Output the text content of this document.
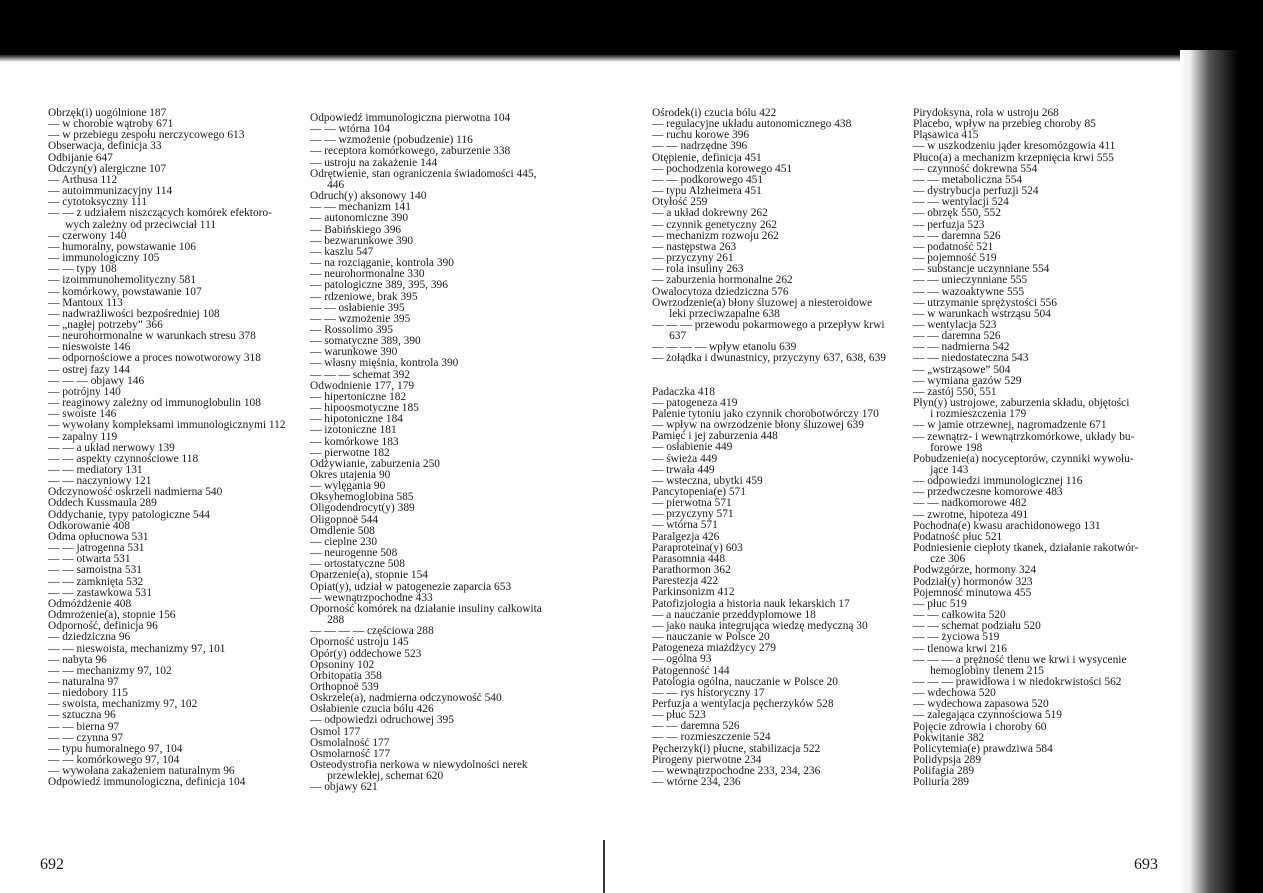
Obrzęk(i) uogólnione 187
— w chorobie wątroby 671
— w przebiegu zespołu nerczycowego 613
Obserwacja, definicja 33
Odbijanie 647
Odczyn(y) alergiczne 107
— Arthusa 112
— autoimmunizacyjny 114
— cytotoksyczny 111
— — z udziałem niszczących komórek efektoro-
wych zależny od przeciwciał 111
— czerwony 140
— humoralny, powstawanie 106
— immunologiczny 105
— — typy 108
— izoimmunohemolityczny 581
— komórkowy, powstawanie 107
— Mantoux 113
— nadwrażliwości bezpośredniej 108
— „nagłej potrzeby” 366
— neurohormonalne w warunkach stresu 378
— nieswoiste 146
— odpornościowe a proces nowotworowy 318
— ostrej fazy 144
— — — objawy 146
— potrójny 140
— reaginowy zależny od immunoglobulin 108
— swoiste 146
— wywołany kompleksami immunologicznymi 112
— zapalny 119
— — a układ nerwowy 139
— — aspekty czynnościowe 118
— — mediatory 131
— — naczyniowy 121
Odczynowość oskrzeli nadmierna 540
Oddech Kussmaula 289
Oddychanie, typy patologiczne 544
Odkorowanie 408
Odma opłucnowa 531
— — jatrogenna 531
— — otwarta 531
— — samoistna 531
— — zamknięta 532
— — zastawkowa 531
Odmóżdżenie 408
Odmrożenie(a), stopnie 156
Odporność, definicja 96
— dziedziczna 96
— — nieswoista, mechanizmy 97, 101
— nabyta 96
— — mechanizmy 97, 102
— naturalna 97
— niedobory 115
— swoista, mechanizmy 97, 102
— sztuczna 96
— — bierna 97
— — czynna 97
— typu humoralnego 97, 104
— — komórkowego 97, 104
— wywołana zakażeniem naturalnym 96
Odpowiedź immunologiczna, definicja 104
Odpowiedź immunologiczna pierwotna 104
— — wtórna 104
— — wzmożenie (pobudzenie) 116
— receptora komórkowego, zaburzenie 338
— ustroju na zakażenie 144
Odrętwienie, stan ograniczenia świadomości 445,
446
Odruch(y) aksonowy 140
— — mechanizm 141
— autonomiczne 390
— Babińskiego 396
— bezwarunkowe 390
— kaszlu 547
— na rozciąganie, kontrola 390
— neurohormonalne 330
— patologiczne 389, 395, 396
— rdzeniowe, brak 395
— — osłabienie 395
— — wzmożenie 395
— Rossolimo 395
— somatyczne 389, 390
— warunkowe 390
— własny mięśnia, kontrola 390
— — — schemat 392
Odwodnienie 177, 179
— hipertoniczne 182
— hipoosmotyczne 185
— hipotoniczne 184
— izotoniczne 181
— komórkowe 183
— pierwotne 182
Odżywianie, zaburzenia 250
Okres utajenia 90
— wylęgania 90
Oksyhemoglobina 585
Oligodendrocyt(y) 389
Oligopnoë 544
Omdlenie 508
— cieplne 230
— neurogenne 508
— ortostatyczne 508
Oparzenie(a), stopnie 154
Opiat(y), udział w patogenezie zaparcia 653
— wewnątrzpochodne 433
Oporność komórek na działanie insuliny całkowita
288
— — — — częściowa 288
Oporność ustroju 145
Opór(y) oddechowe 523
Opsoniny 102
Orbitopatia 358
Orthopnoë 539
Oskrzele(a), nadmierna odczynowość 540
Osłabienie czucia bólu 426
— odpowiedzi odruchowej 395
Osmol 177
Osmolalność 177
Osmolarność 177
Osteodystrofia nerkowa w niewydolności nerek
przewlekłej, schemat 620
— objawy 621
Ośrodek(i) czucia bólu 422
— regulacyjne układu autonomicznego 438
— ruchu korowe 396
— — nadrzędne 396
Otępienie, definicja 451
— pochodzenia korowego 451
— — podkorowego 451
— typu Alzheimera 451
Otyłość 259
— a układ dokrewny 262
— czynnik genetyczny 262
— mechanizm rozwoju 262
— następstwa 263
— przyczyny 261
— rola insuliny 263
— zaburzenia hormonalne 262
Owalocytoza dziedziczna 576
Owrzodzenie(a) błony śluzowej a niesteroidowe
leki przeciwzapalne 638
— — — przewodu pokarmowego a przepływ krwi
637
— — — — wpływ etanolu 639
— żołądka i dwunastnicy, przyczyny 637, 638, 639
Padaczka 418
— patogeneza 419
Palenie tytoniu jako czynnik chorobotwórczy 170
— wpływ na owrzodzenie błony śluzowej 639
Pamięć i jej zaburzenia 448
— osłabienie 449
— świeża 449
— trwała 449
— wsteczna, ubytki 459
Pancytopenia(e) 571
— pierwotna 571
— przyczyny 571
— wtórna 571
Paralgezja 426
Paraproteina(y) 603
Parasomnia 448
Parathormon 362
Parestezja 422
Parkinsonizm 412
Patofizjologia a historia nauk lekarskich 17
— a nauczanie przeddyplomowe 18
— jako nauka integrująca wiedzę medyczną 30
— nauczanie w Polsce 20
Patogeneza miażdżycy 279
— ogólna 93
Patogenność 144
Patologia ogólna, nauczanie w Polsce 20
— — rys historyczny 17
Perfuzja a wentylacja pęcherzyków 528
— płuc 523
— — daremna 526
— — rozmieszczenie 524
Pęcherzyk(i) płucne, stabilizacja 522
Pirogeny pierwotne 234
— wewnątrzpochodne 233, 234, 236
— wtórne 234, 236
Pirydoksyna, rola w ustroju 268
Placebo, wpływ na przebieg choroby 85
Pląsawica 415
— w uszkodzeniu jąder kresomózgowia 411
Płuco(a) a mechanizm krzepnięcia krwi 555
— czynność dokrewna 554
— — metaboliczna 554
— dystrybucja perfuzji 524
— — wentylacji 524
— obrzęk 550, 552
— perfuzja 523
— — daremna 526
— podatność 521
— pojemność 519
— substancje uczynniane 554
— — unieczynniane 555
— — wazoaktywne 555
— utrzymanie sprężystości 556
— w warunkach wstrząsu 504
— wentylacja 523
— — daremna 526
— — nadmierna 542
— — niedostateczna 543
— „wstrząsowe” 504
— wymiana gazów 529
— zastój 550, 551
Płyn(y) ustrojowe, zaburzenia składu, objętości
i rozmieszczenia 179
— w jamie otrzewnej, nagromadzenie 671
— zewnątrz- i wewnątrzkomórkowe, układy bu-
forowe 198
Pobudzenie(a) nocyceptorów, czynniki wywołu-
jące 143
— odpowiedzi immunologicznej 116
— przedwczesne komorowe 483
— — nadkomorowe 482
— zwrotne, hipoteza 491
Pochodna(e) kwasu arachidonowego 131
Podatność płuc 521
Podniesienie ciepłoty tkanek, działanie rakotwór-
cze 306
Podwzgórze, hormony 324
Podział(y) hormonów 323
Pojemność minutowa 455
— płuc 519
— — całkowita 520
— — schemat podziału 520
— — życiowa 519
— tlenowa krwi 216
— — — a prężność tlenu we krwi i wysycenie
hemoglobiny tlenem 215
— — — prawidłowa i w niedokrwistości 562
— wdechowa 520
— wydechowa zapasowa 520
— zalegająca czynnościowa 519
Pojęcie zdrowia i choroby 60
Pokwitanie 382
Policytemia(e) prawdziwa 584
Polidypsja 289
Polifagia 289
Poliuria 289
692	693
